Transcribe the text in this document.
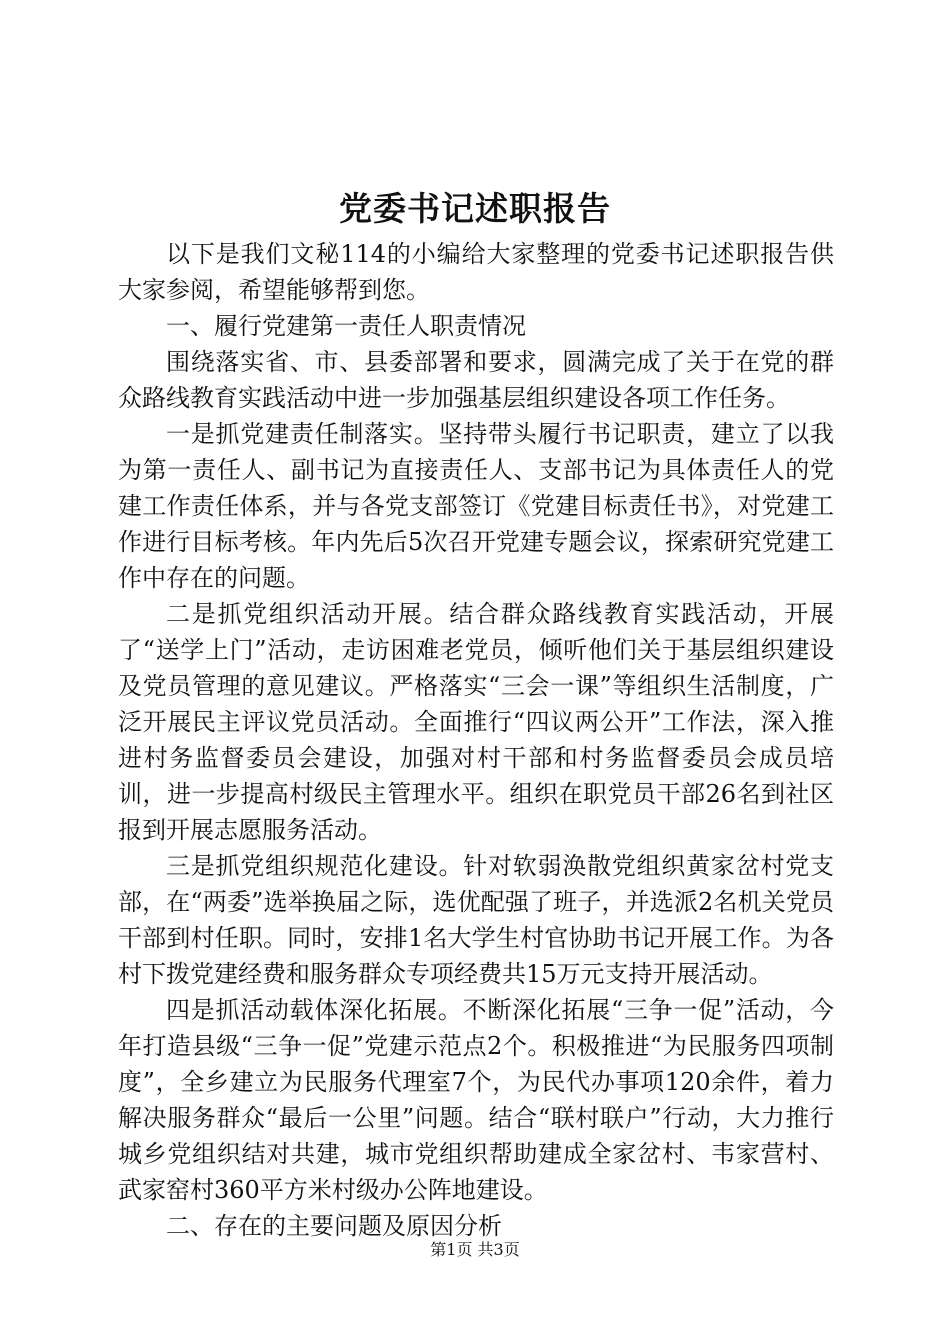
党委书记述职报告

以下是我们文秘114的小编给大家整理的党委书记述职报告供大家参阅，希望能够帮到您。

一、履行党建第一责任人职责情况

围绕落实省、市、县委部署和要求，圆满完成了关于在党的群众路线教育实践活动中进一步加强基层组织建设各项工作任务。

一是抓党建责任制落实。坚持带头履行书记职责，建立了以我为第一责任人、副书记为直接责任人、支部书记为具体责任人的党建工作责任体系，并与各党支部签订《党建目标责任书》，对党建工作进行目标考核。年内先后5次召开党建专题会议，探索研究党建工作中存在的问题。

二是抓党组织活动开展。结合群众路线教育实践活动，开展了“送学上门”活动，走访困难老党员，倾听他们关于基层组织建设及党员管理的意见建议。严格落实“三会一课”等组织生活制度，广泛开展民主评议党员活动。全面推行“四议两公开”工作法，深入推进村务监督委员会建设，加强对村干部和村务监督委员会成员培训，进一步提高村级民主管理水平。组织在职党员干部26名到社区报到开展志愿服务活动。

三是抓党组织规范化建设。针对软弱涣散党组织黄家岔村党支部，在“两委”选举换届之际，选优配强了班子，并选派2名机关党员干部到村任职。同时，安排1名大学生村官协助书记开展工作。为各村下拨党建经费和服务群众专项经费共15万元支持开展活动。

四是抓活动载体深化拓展。不断深化拓展“三争一促”活动，今年打造县级“三争一促”党建示范点2个。积极推进“为民服务四项制度”，全乡建立为民服务代理室7个，为民代办事项120余件，着力解决服务群众“最后一公里”问题。结合“联村联户”行动，大力推行城乡党组织结对共建，城市党组织帮助建成全家岔村、韦家营村、武家窑村360平方米村级办公阵地建设。

二、存在的主要问题及原因分析

第1页 共3页
